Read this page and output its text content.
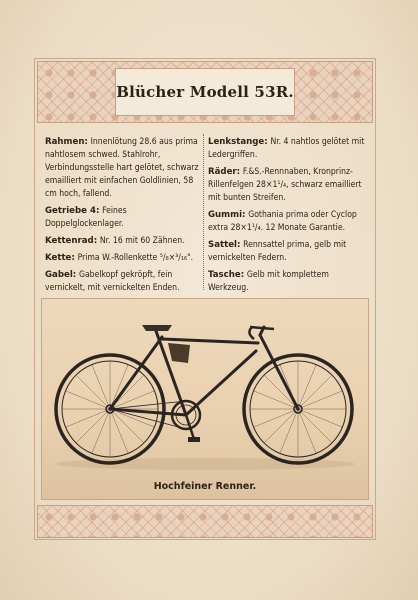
Blücher Modell 53R.

Rahmen: Innenlötung 28.6 aus prima nahtlosem schwed. Stahlrohr, Verbindungsstelle hart gelötet, schwarz emailliert mit einfachen Goldlinien, 58 cm hoch, fallend.

Getriebe 4: Feines Doppelglockenlager.

Kettenrad: Nr. 16 mit 60 Zähnen.

Kette: Prima W.-Rollenkette ⁵/₈×³/₁₆".

Gabel: Gabelkopf gekröpft, fein vernickelt, mit vernickelten Enden.

Lenkstange: Nr. 4 nahtlos gelötet mit Ledergriffen.

Räder: F.&S.-Rennnaben, Kronprinz-Rillenfelgen 28×1¹/₄, schwarz emailliert mit bunten Streifen.

Gummi: Gothania prima oder Cyclop extra 28×1¹/₄. 12 Monate Garantie.

Sattel: Rennsattel prima, gelb mit vernickelten Federn.

Tasche: Gelb mit komplettem Werkzeug.

Hochfeiner Renner.
